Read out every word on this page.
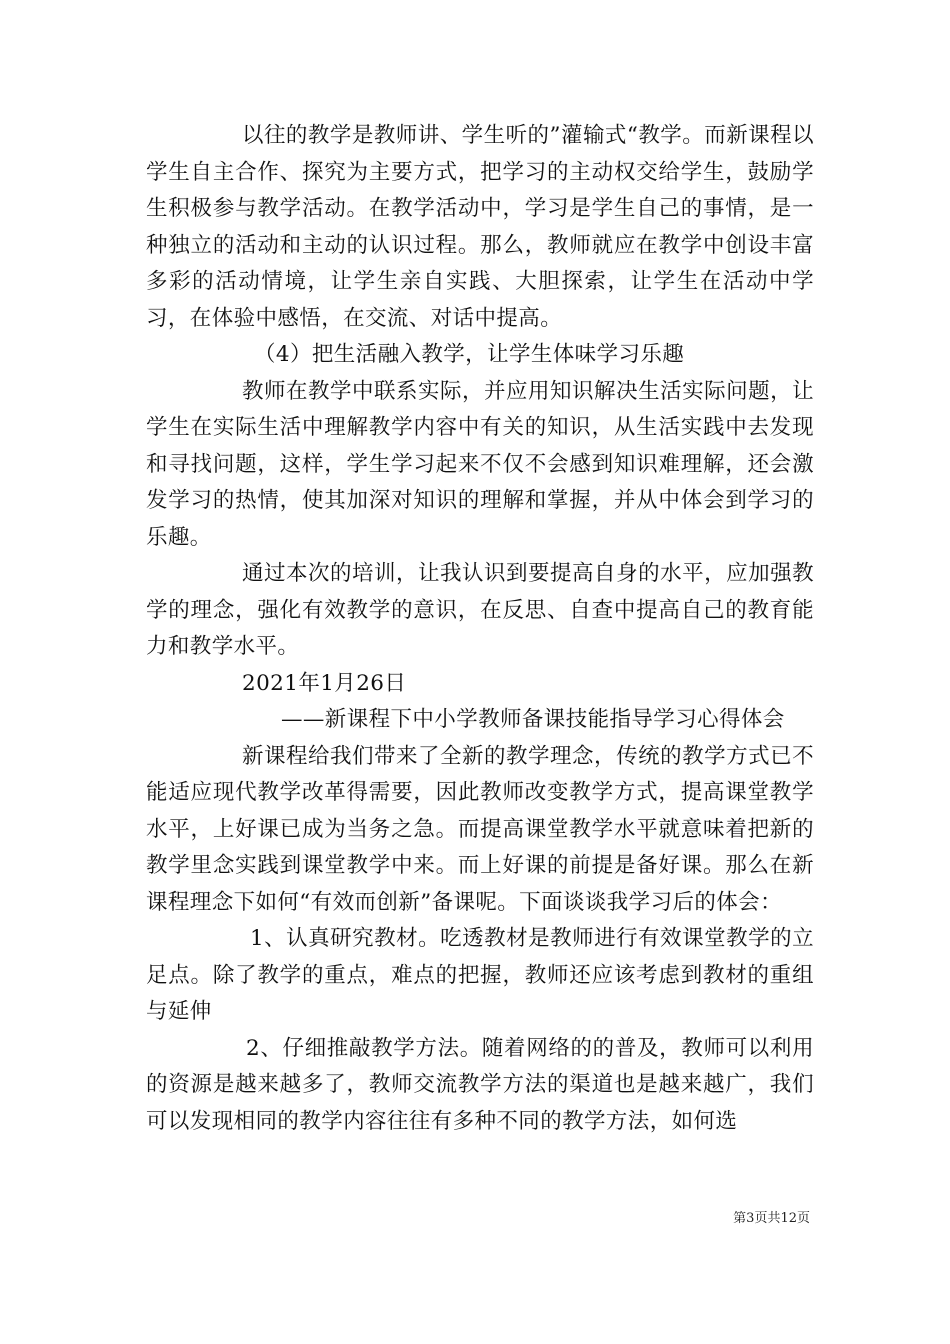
以往的教学是教师讲、学生听的”灌输式“教学。而新课程以学生自主合作、探究为主要方式，把学习的主动权交给学生，鼓励学生积极参与教学活动。在教学活动中，学习是学生自己的事情，是一种独立的活动和主动的认识过程。那么，教师就应在教学中创设丰富多彩的活动情境，让学生亲自实践、大胆探索，让学生在活动中学习，在体验中感悟，在交流、对话中提高。

（4）把生活融入教学，让学生体味学习乐趣

教师在教学中联系实际，并应用知识解决生活实际问题，让学生在实际生活中理解教学内容中有关的知识，从生活实践中去发现和寻找问题，这样，学生学习起来不仅不会感到知识难理解，还会激发学习的热情，使其加深对知识的理解和掌握，并从中体会到学习的乐趣。

通过本次的培训，让我认识到要提高自身的水平，应加强教学的理念，强化有效教学的意识，在反思、自查中提高自己的教育能力和教学水平。

2021年1月26日

——新课程下中小学教师备课技能指导学习心得体会

新课程给我们带来了全新的教学理念，传统的教学方式已不能适应现代教学改革得需要，因此教师改变教学方式，提高课堂教学水平，上好课已成为当务之急。而提高课堂教学水平就意味着把新的教学里念实践到课堂教学中来。而上好课的前提是备好课。那么在新课程理念下如何“有效而创新”备课呢。下面谈谈我学习后的体会：

1、认真研究教材。吃透教材是教师进行有效课堂教学的立足点。除了教学的重点，难点的把握，教师还应该考虑到教材的重组与延伸

2、仔细推敲教学方法。随着网络的的普及，教师可以利用的资源是越来越多了，教师交流教学方法的渠道也是越来越广，我们可以发现相同的教学内容往往有多种不同的教学方法，如何选

第3页共12页
